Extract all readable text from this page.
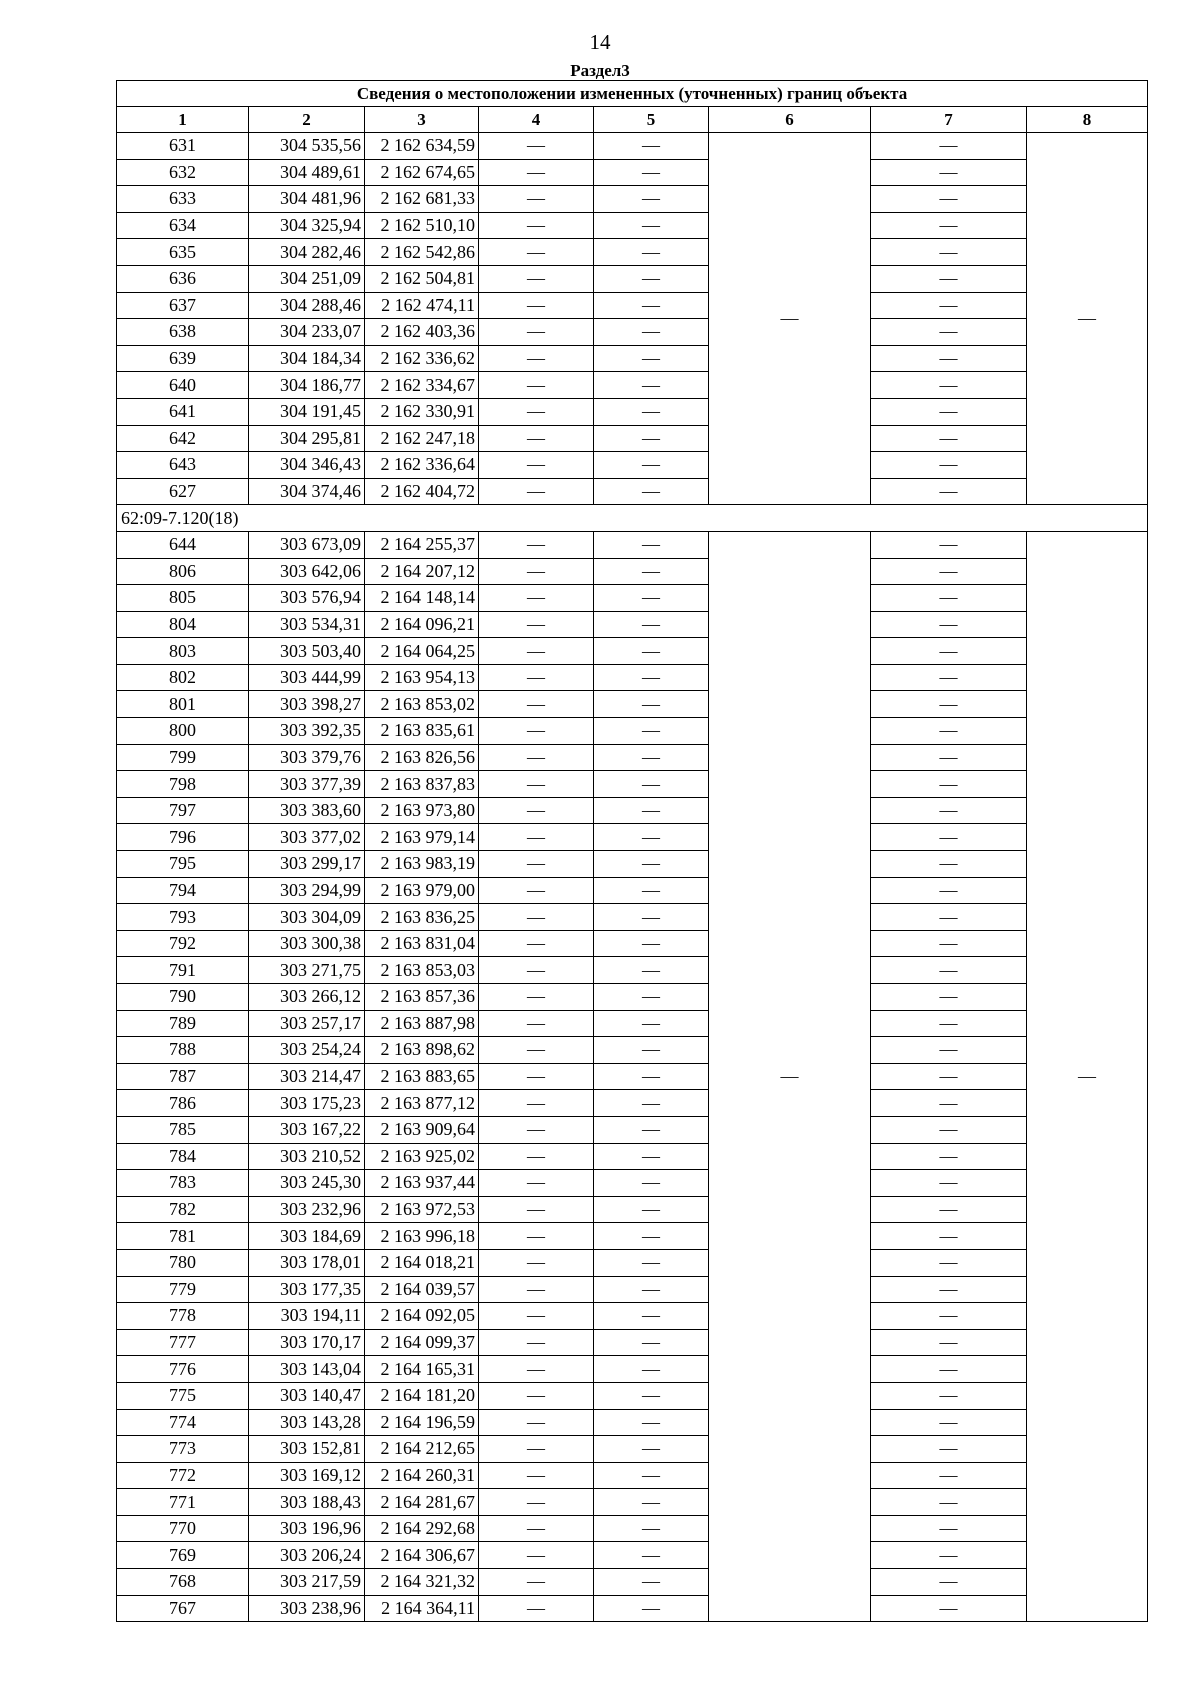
14
Раздел3
Сведения о местоположении измененных (уточненных) границ объекта							
1	2	3	4	5	6	7	8
631	304 535,56	2 162 634,59	—	—	—	—	—
632	304 489,61	2 162 674,65	—	—		—	
633	304 481,96	2 162 681,33	—	—		—	
634	304 325,94	2 162 510,10	—	—		—	
635	304 282,46	2 162 542,86	—	—		—	
636	304 251,09	2 162 504,81	—	—		—	
637	304 288,46	2 162 474,11	—	—		—	
638	304 233,07	2 162 403,36	—	—		—	
639	304 184,34	2 162 336,62	—	—		—	
640	304 186,77	2 162 334,67	—	—		—	
641	304 191,45	2 162 330,91	—	—		—	
642	304 295,81	2 162 247,18	—	—		—	
643	304 346,43	2 162 336,64	—	—		—	
627	304 374,46	2 162 404,72	—	—		—	
62:09-7.120(18)							
644	303 673,09	2 164 255,37	—	—	—	—	—
806	303 642,06	2 164 207,12	—	—		—	
805	303 576,94	2 164 148,14	—	—		—	
804	303 534,31	2 164 096,21	—	—		—	
803	303 503,40	2 164 064,25	—	—		—	
802	303 444,99	2 163 954,13	—	—		—	
801	303 398,27	2 163 853,02	—	—		—	
800	303 392,35	2 163 835,61	—	—		—	
799	303 379,76	2 163 826,56	—	—		—	
798	303 377,39	2 163 837,83	—	—		—	
797	303 383,60	2 163 973,80	—	—		—	
796	303 377,02	2 163 979,14	—	—		—	
795	303 299,17	2 163 983,19	—	—		—	
794	303 294,99	2 163 979,00	—	—		—	
793	303 304,09	2 163 836,25	—	—		—	
792	303 300,38	2 163 831,04	—	—		—	
791	303 271,75	2 163 853,03	—	—		—	
790	303 266,12	2 163 857,36	—	—		—	
789	303 257,17	2 163 887,98	—	—		—	
788	303 254,24	2 163 898,62	—	—		—	
787	303 214,47	2 163 883,65	—	—		—	
786	303 175,23	2 163 877,12	—	—		—	
785	303 167,22	2 163 909,64	—	—		—	
784	303 210,52	2 163 925,02	—	—		—	
783	303 245,30	2 163 937,44	—	—		—	
782	303 232,96	2 163 972,53	—	—		—	
781	303 184,69	2 163 996,18	—	—		—	
780	303 178,01	2 164 018,21	—	—		—	
779	303 177,35	2 164 039,57	—	—		—	
778	303 194,11	2 164 092,05	—	—		—	
777	303 170,17	2 164 099,37	—	—		—	
776	303 143,04	2 164 165,31	—	—		—	
775	303 140,47	2 164 181,20	—	—		—	
774	303 143,28	2 164 196,59	—	—		—	
773	303 152,81	2 164 212,65	—	—		—	
772	303 169,12	2 164 260,31	—	—		—	
771	303 188,43	2 164 281,67	—	—		—	
770	303 196,96	2 164 292,68	—	—		—	
769	303 206,24	2 164 306,67	—	—		—	
768	303 217,59	2 164 321,32	—	—		—	
767	303 238,96	2 164 364,11	—	—		—	
